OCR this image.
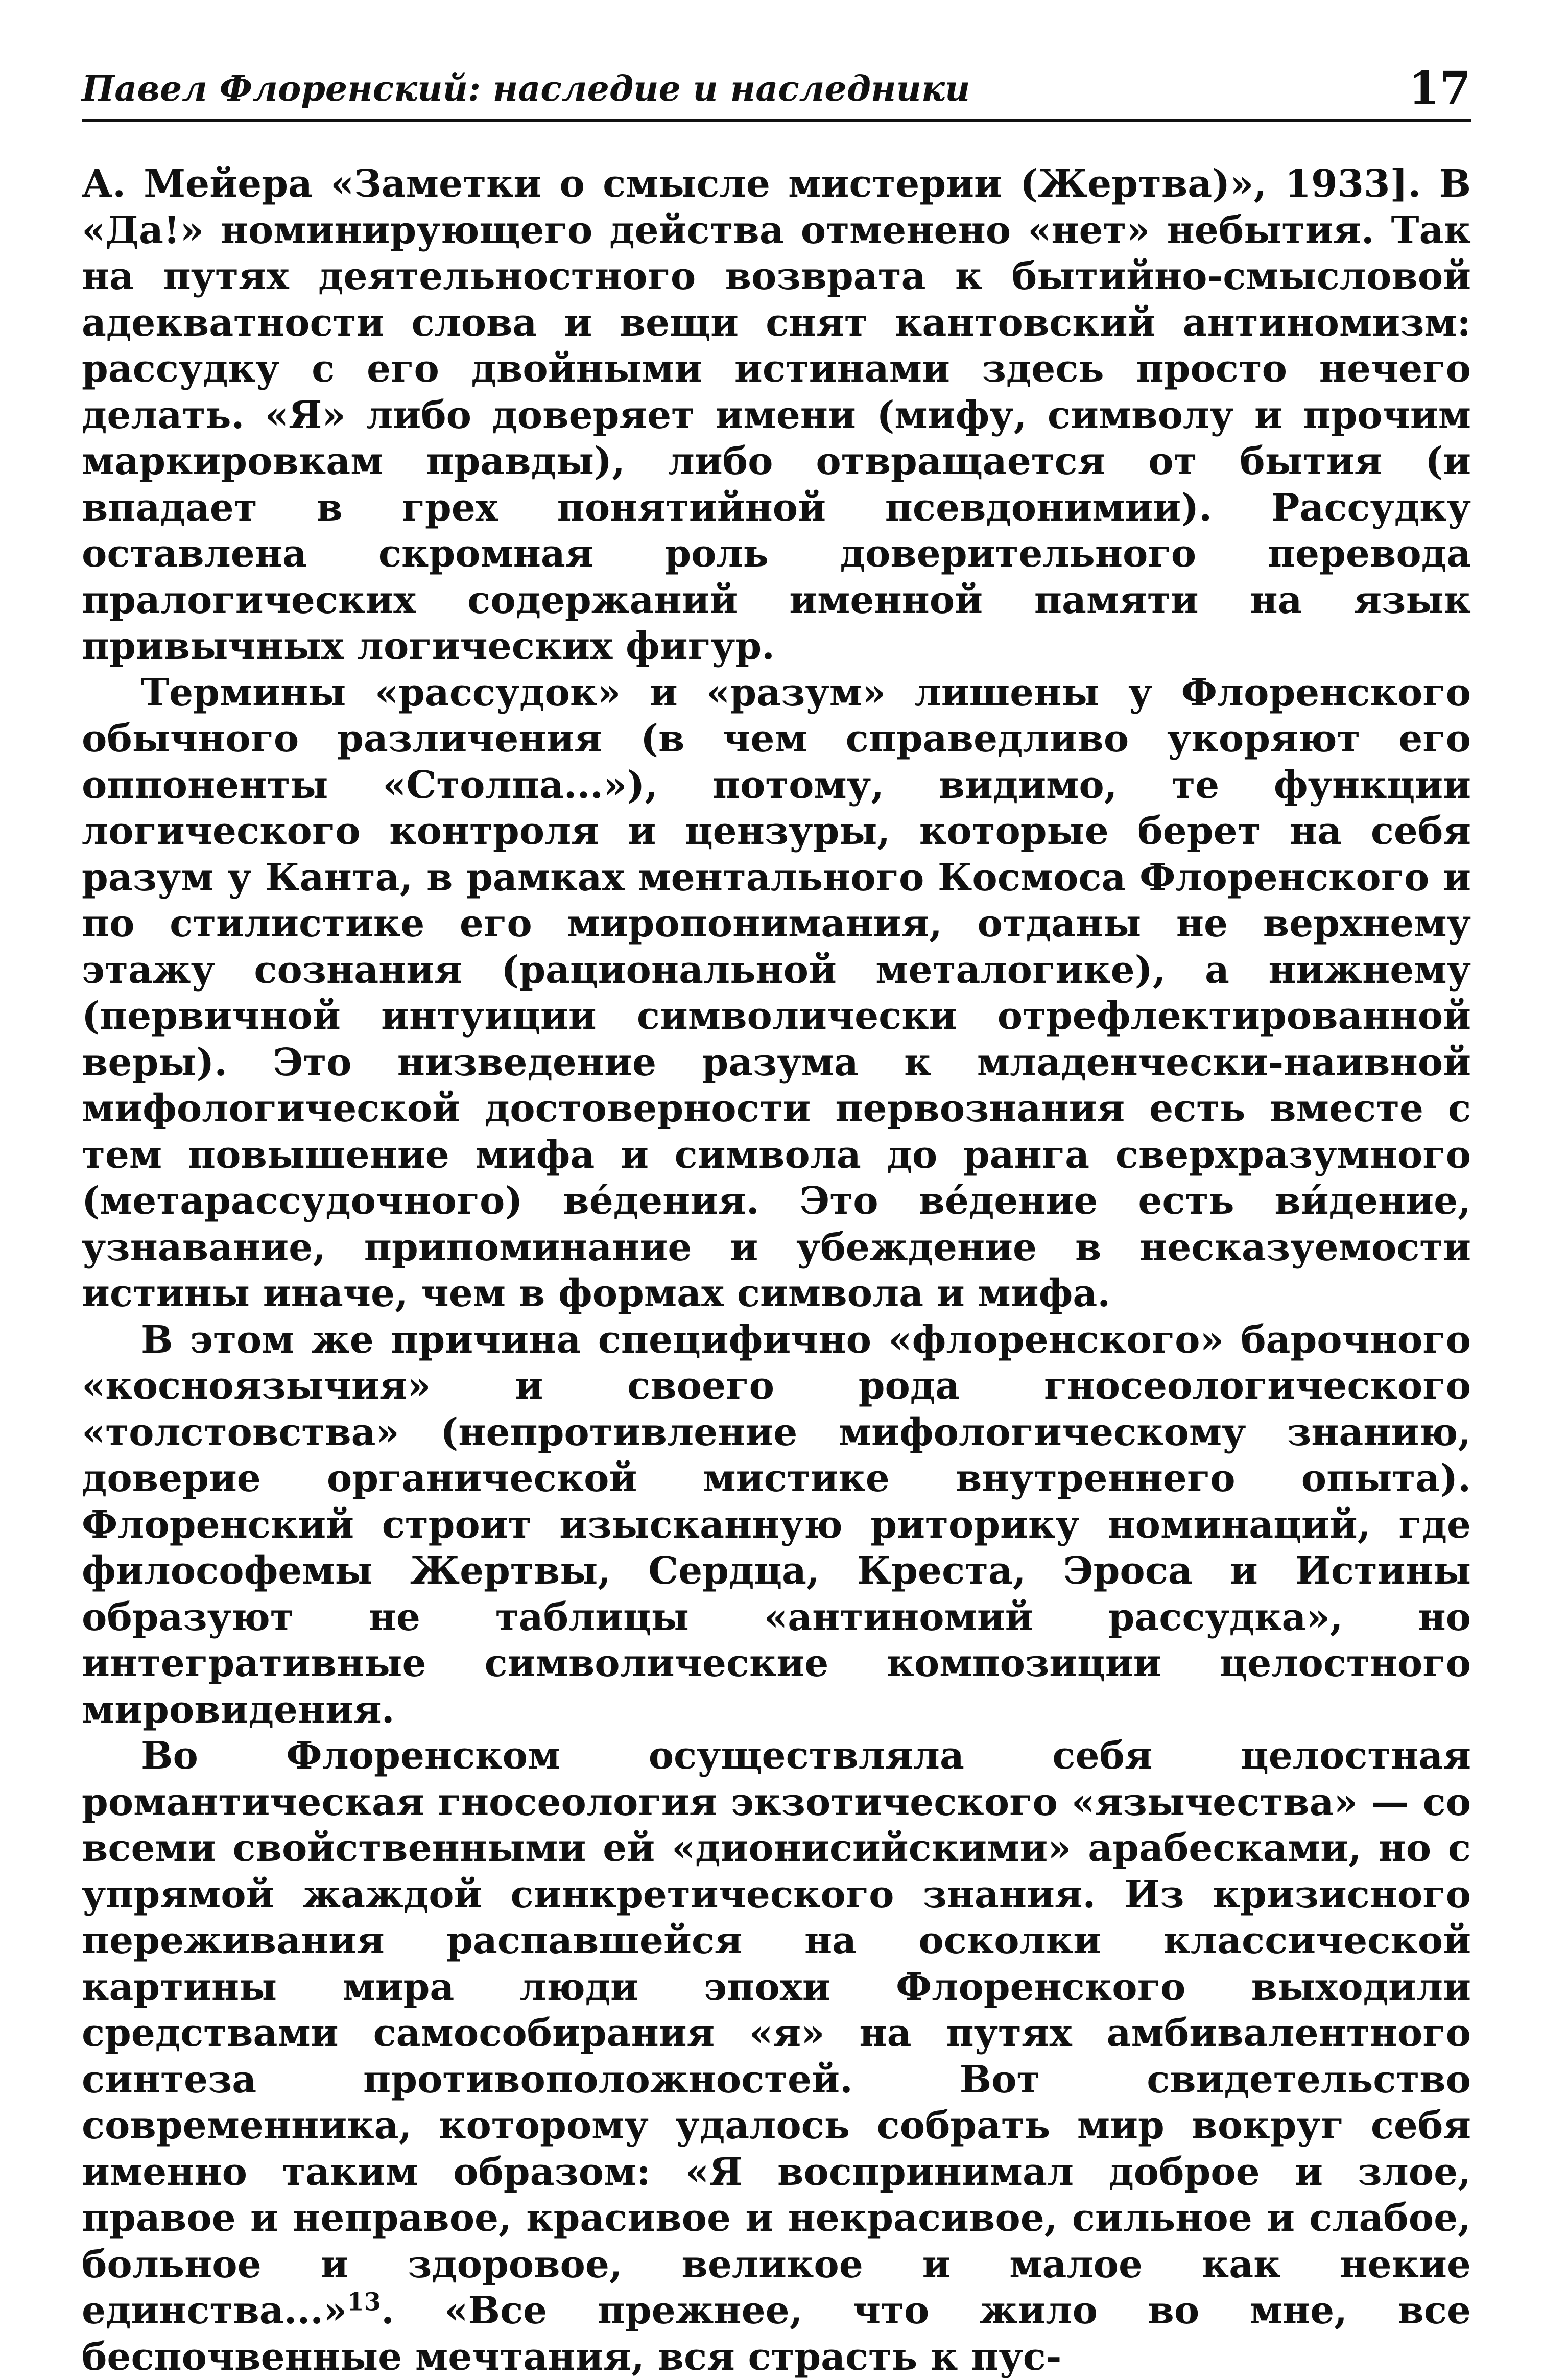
Павел Флоренский: наследие и наследники	17

А. Мейера «Заметки о смысле мистерии (Жертва)», 1933]. В «Да!» номинирующего действа отменено «нет» небытия. Так на путях деятельностного возврата к бытийно-смысловой адекватности слова и вещи снят кантовский антиномизм: рассудку с его двойными истинами здесь просто нечего делать. «Я» либо доверяет имени (мифу, символу и прочим маркировкам правды), либо отвращается от бытия (и впадает в грех понятийной псевдонимии). Рассудку оставлена скромная роль доверительного перевода пралогических содержаний именной памяти на язык привычных логических фигур.

Термины «рассудок» и «разум» лишены у Флоренского обычного различения (в чем справедливо укоряют его оппоненты «Столпа...»), потому, видимо, те функции логического контроля и цензуры, которые берет на себя разум у Канта, в рамках ментального Космоса Флоренского и по стилистике его миропонимания, отданы не верхнему этажу сознания (рациональной металогике), а нижнему (первичной интуиции символически отрефлектированной веры). Это низведение разума к младенчески-наивной мифологической достоверности первознания есть вместе с тем повышение мифа и символа до ранга сверхразумного (метарассудочного) ве́дения. Это ве́дение есть ви́дение, узнавание, припоминание и убеждение в несказуемости истины иначе, чем в формах символа и мифа.

В этом же причина специфично «флоренского» барочного «косноязычия» и своего рода гносеологического «толстовства» (непротивление мифологическому знанию, доверие органической мистике внутреннего опыта). Флоренский строит изысканную риторику номинаций, где философемы Жертвы, Сердца, Креста, Эроса и Истины образуют не таблицы «антиномий рассудка», но интегративные символические композиции целостного мировидения.

Во Флоренском осуществляла себя целостная романтическая гносеология экзотического «язычества» — со всеми свойственными ей «дионисийскими» арабесками, но с упрямой жаждой синкретического знания. Из кризисного переживания распавшейся на осколки классической картины мира люди эпохи Флоренского выходили средствами самособирания «я» на путях амбивалентного синтеза противоположностей. Вот свидетельство современника, которому удалось собрать мир вокруг себя именно таким образом: «Я воспринимал доброе и злое, правое и неправое, красивое и некрасивое, сильное и слабое, больное и здоровое, великое и малое как некие единства...»$^{13}$. «Все прежнее, что жило во мне, все беспочвенные мечтания, вся страсть к пус-
